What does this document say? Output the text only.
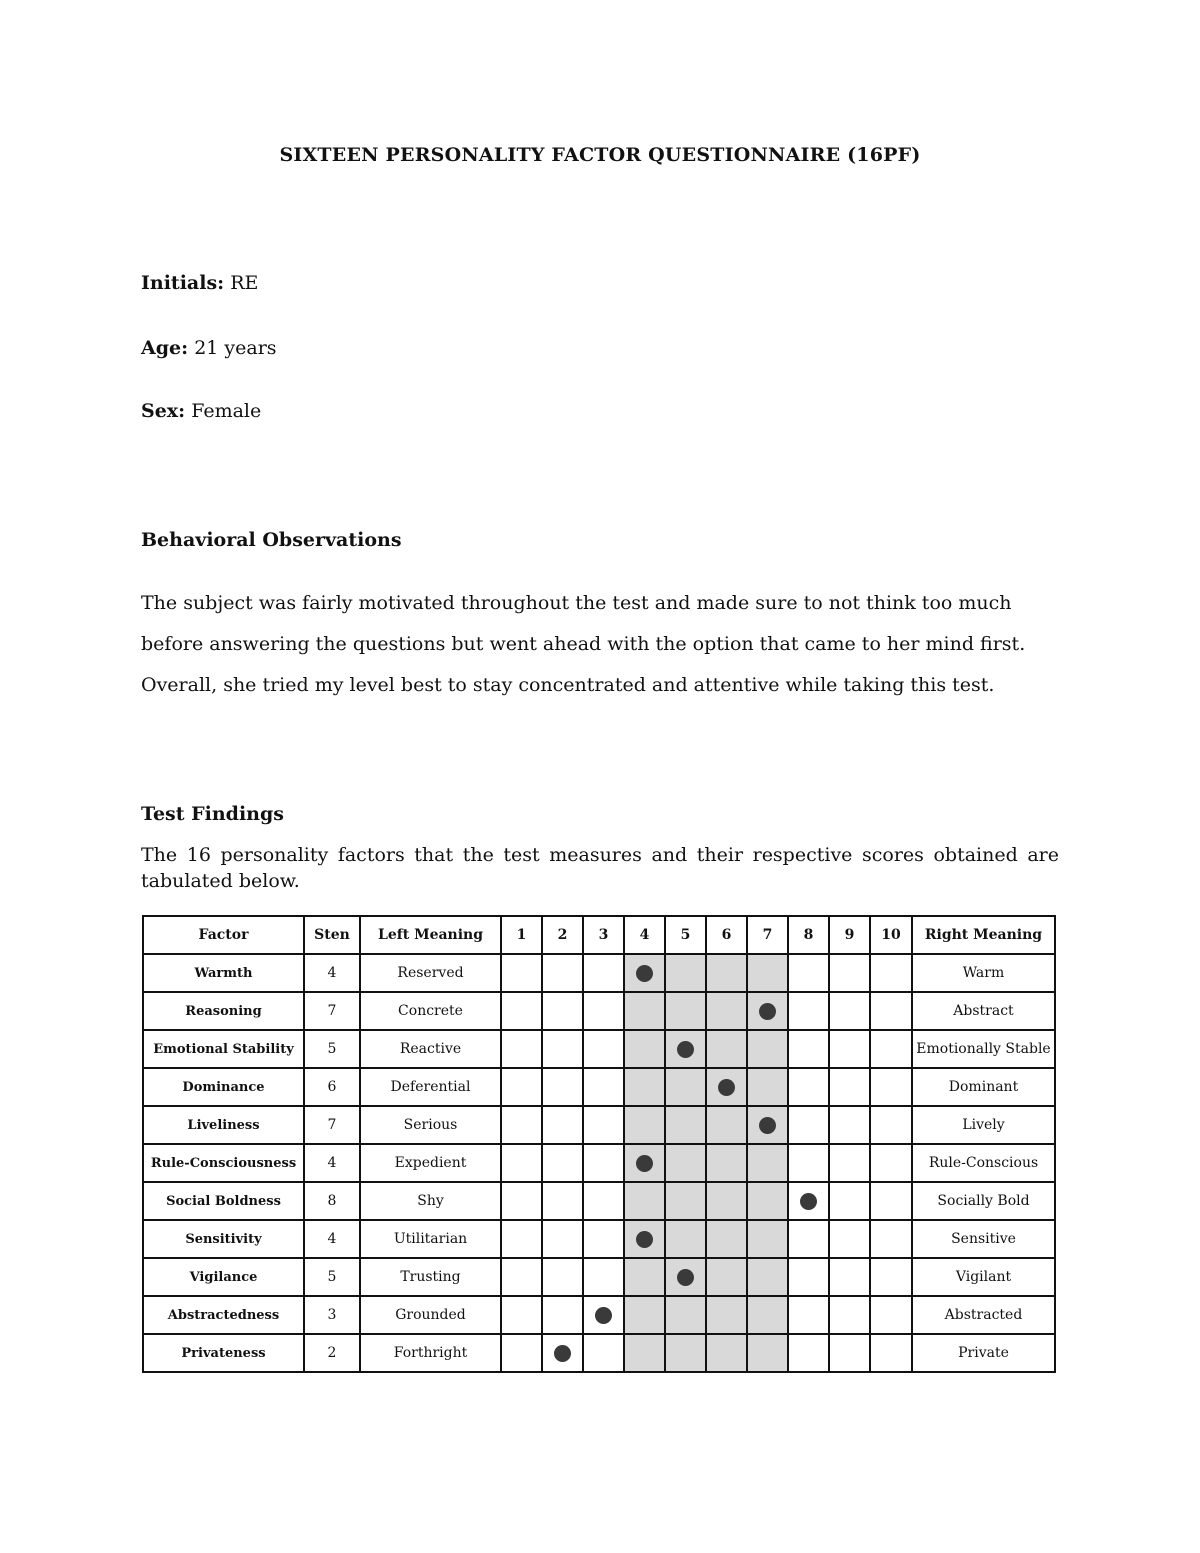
SIXTEEN PERSONALITY FACTOR QUESTIONNAIRE (16PF)
Initials: RE
Age: 21 years
Sex: Female
Behavioral Observations
The subject was fairly motivated throughout the test and made sure to not think too much before answering the questions but went ahead with the option that came to her mind first. Overall, she tried my level best to stay concentrated and attentive while taking this test.
Test Findings
The 16 personality factors that the test measures and their respective scores obtained are tabulated below.
Factor	Sten	Left Meaning	1	2	3	4	5	6	7	8	9	10	Right Meaning
Warmth	4	Reserved											Warm
Reasoning	7	Concrete											Abstract
Emotional Stability	5	Reactive											Emotionally Stable
Dominance	6	Deferential											Dominant
Liveliness	7	Serious											Lively
Rule-Consciousness	4	Expedient											Rule-Conscious
Social Boldness	8	Shy											Socially Bold
Sensitivity	4	Utilitarian											Sensitive
Vigilance	5	Trusting											Vigilant
Abstractedness	3	Grounded											Abstracted
Privateness	2	Forthright											Private
